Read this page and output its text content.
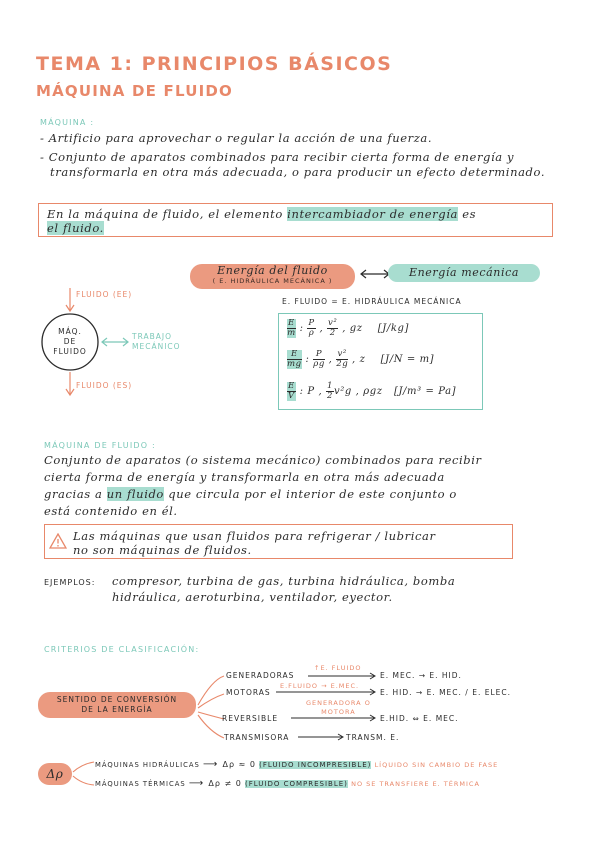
TEMA 1: PRINCIPIOS BÁSICOS
MÁQUINA DE FLUIDO
MÁQUINA :
- Artificio para aprovechar o regular la acción de una fuerza.
- Conjunto de aparatos combinados para recibir cierta forma de energía y
transformarla en otra más adecuada, o para producir un efecto determinado.
En la máquina de fluido, el elemento intercambiador de energía es
el fluido.
Energía del fluido
( E. HIDRÁULICA MECÁNICA )
Energía mecánica
FLUIDO (EE)
FLUIDO (ES)
MÁQ.
DE
FLUIDO
TRABAJO
MECÁNICO
E. FLUIDO = E. HIDRÁULICA MECÁNICA
$\frac{E}{m}$ : $\frac{P}{\rho}$ , $\frac{\text{v²}}{2}$ , gz [J/kg]
$\frac{E}{mg}$ : $\frac{P}{\rho g}$ , $\frac{\text{v²}}{2g}$ , z [J/N = m]
$\frac{E}{V}$ : P , $\frac{1}{2} v^2g$ , ρgz [J/m³ = Pa]
MÁQUINA DE FLUIDO :
Conjunto de aparatos (o sistema mecánico) combinados para recibir
cierta forma de energía y transformarla en otra más adecuada
gracias a un fluido que circula por el interior de este conjunto o
está contenido en él.
Las máquinas que usan fluidos para refrigerar / lubricar
no son máquinas de fluidos.
EJEMPLOS: compresor, turbina de gas, turbina hidráulica, bomba
hidráulica, aeroturbina, ventilador, eyector.
CRITERIOS DE CLASIFICACIÓN:
SENTIDO DE CONVERSIÓN
DE LA ENERGÍA
GENERADORAS
↑E. FLUIDO
E. MEC. → E. HID.
MOTORAS
E.FLUIDO → E.MEC.
E. HID. → E. MEC. / E. ELEC.
REVERSIBLE
GENERADORA O
MOTORA
E.HID. ⇔ E. MEC.
TRANSMISORA	TRANSM. E.
Δρ
MÁQUINAS HIDRÁULICAS ⟶ Δρ ≈ 0 (FLUIDO INCOMPRESIBLE) LÍQUIDO SIN CAMBIO DE FASE
MÁQUINAS TÉRMICAS ⟶ Δρ ≠ 0 (FLUIDO COMPRESIBLE) NO SE TRANSFIERE E. TÉRMICA
